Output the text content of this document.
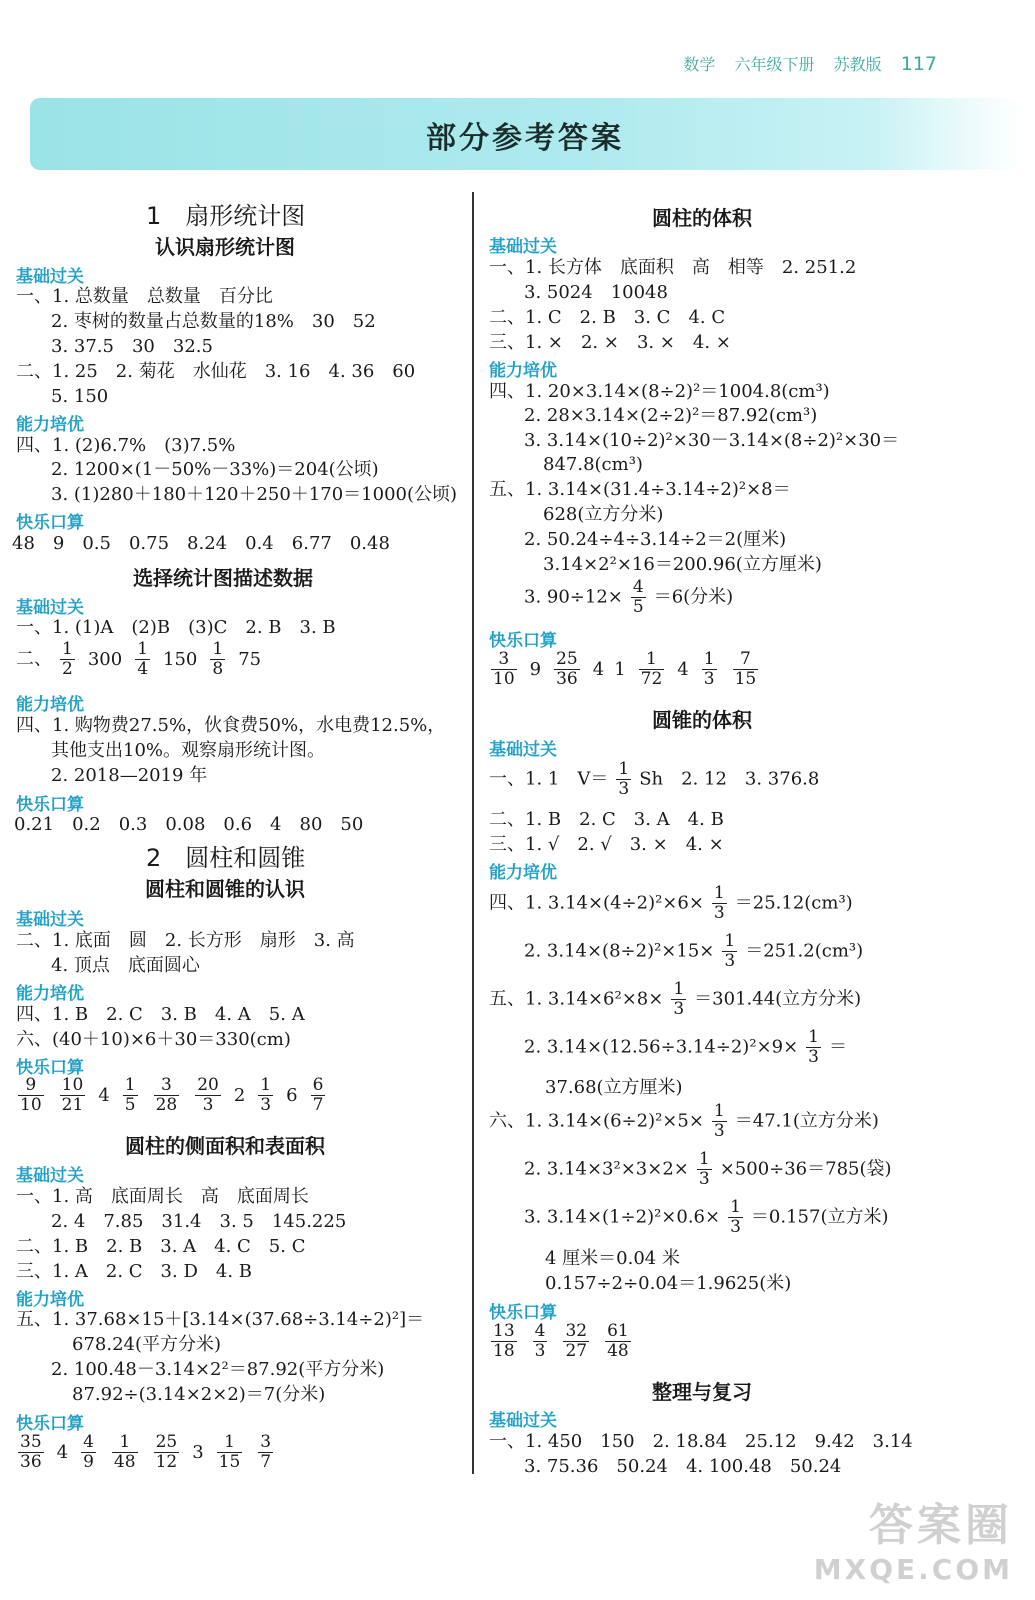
数学 六年级下册 苏教版 117
部分参考答案
1　扇形统计图
认识扇形统计图
基础过关
一、1. 总数量　总数量　百分比
2. 枣树的数量占总数量的18%　30　52
3. 37.5　30　32.5
二、1. 25　2. 菊花　水仙花　3. 16　4. 36　60
5. 150
能力培优
四、1. (2)6.7%　(3)7.5%
2. 1200×(1－50%－33%)＝204(公顷)
3. (1)280＋180＋120＋250＋170＝1000(公顷)
快乐口算
48　9　0.5　0.75　8.24　0.4　6.77　0.48
选择统计图描述数据
基础过关
一、1. (1)A　(2)B　(3)C　2. B　3. B
二、 $\frac{1}{2} 300 \frac{1}{4} 150 \frac{1}{8} 75$
能力培优
四、1. 购物费27.5%，伙食费50%，水电费12.5%，
其他支出10%。观察扇形统计图。
2. 2018—2019 年
快乐口算
0.21　0.2　0.3　0.08　0.6　4　80　50
2　圆柱和圆锥
圆柱和圆锥的认识
基础过关
二、1. 底面　圆　2. 长方形　扇形　3. 高
4. 顶点　底面圆心
能力培优
四、1. B　2. C　3. B　4. A　5. A
六、(40＋10)×6＋30＝330(cm)
快乐口算
$\frac{9}{10} \frac{10}{21} 4 \frac{1}{5} \frac{3}{28} \frac{20}{3} 2 \frac{1}{3} 6 \frac{6}{7}$
圆柱的侧面积和表面积
基础过关
一、1. 高　底面周长　高　底面周长
2. 4　7.85　31.4　3. 5　145.225
二、1. B　2. B　3. A　4. C　5. C
三、1. A　2. C　3. D　4. B
能力培优
五、1. 37.68×15＋[3.14×(37.68÷3.14÷2)²]＝
678.24(平方分米)
2. 100.48－3.14×2²＝87.92(平方分米)
87.92÷(3.14×2×2)＝7(分米)
快乐口算
$\frac{35}{36} 4 \frac{4}{9} \frac{1}{48} \frac{25}{12} 3 \frac{1}{15} \frac{3}{7}$
圆柱的体积
基础过关
一、1. 长方体　底面积　高　相等　2. 251.2
3. 5024　10048
二、1. C　2. B　3. C　4. C
三、1. ×　2. ×　3. ×　4. ×
能力培优
四、1. 20×3.14×(8÷2)²＝1004.8(cm³)
2. 28×3.14×(2÷2)²＝87.92(cm³)
3. 3.14×(10÷2)²×30－3.14×(8÷2)²×30＝
847.8(cm³)
五、1. 3.14×(31.4÷3.14÷2)²×8＝
628(立方分米)
2. 50.24÷4÷3.14÷2＝2(厘米)
3.14×2²×16＝200.96(立方厘米)
3. $90\div 12\times \frac{4}{5} =6$(分米)
快乐口算
$\frac{3}{10} 9 \frac{25}{36} 4$ $1 \frac{1}{72} 4 \frac{1}{3} \frac{7}{15}$
圆锥的体积
基础过关
一、1. 1　$V= \frac{1}{3}$ Sh　2. 12　3. 376.8
二、1. B　2. C　3. A　4. B
三、1. √　2. √　3. ×　4. ×
能力培优
四、1. $3.14\times(4\div 2)^2\times 6\times \frac{1}{3} =25.12(cm^3)$
2. $3.14\times(8\div 2)^2\times 15\times \frac{1}{3} =251.2(cm^3)$
五、1. $3.14\times 6^2\times 8\times \frac{1}{3} =301.44$(立方分米)
2. $3.14\times(12.56\div 3.14\div 2)^2\times 9\times \frac{1}{3}$ ＝
37.68(立方厘米)
六、1. $3.14\times(6\div 2)^2\times 5\times \frac{1}{3} =47.1$(立方分米)
2. $3.14\times 3^2\times 3\times 2\times \frac{1}{3} \times 500\div 36=785$(袋)
3. $3.14\times(1\div 2)^2\times 0.6\times \frac{1}{3} =0.157$(立方米)
4 厘米＝0.04 米
0.157÷2÷0.04＝1.9625(米)
快乐口算
$\frac{13}{18} \frac{4}{3} \frac{32}{27} \frac{61}{48}$
整理与复习
基础过关
一、1. 450　150　2. 18.84　25.12　9.42　3.14
3. 75.36　50.24　4. 100.48　50.24
答案圈
MXQE.COM
